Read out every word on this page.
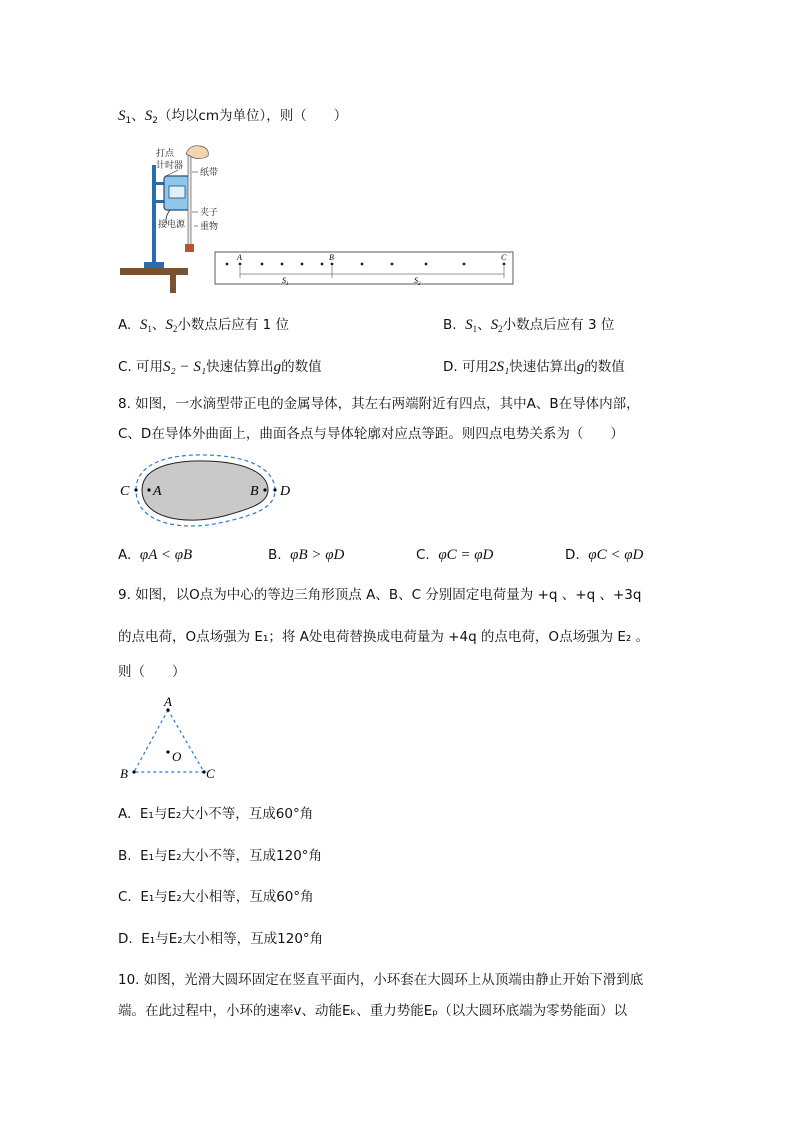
$S_1$、$S_2$（均以cm为单位），则（　　）
打点
计时器
纸带
夹子
接电源 重物
A	B	C
$S_1$	$S_2$
A. $S_1$、$S_2$小数点后应有 1 位	B. $S_1$、$S_2$小数点后应有 3 位
C. 可用S₂ − S₁快速估算出g的数值	D. 可用2S₁快速估算出g的数值
8. 如图，一水滴型带正电的金属导体，其左右两端附近有四点，其中A、B在导体内部，
C、D在导体外曲面上，曲面各点与导体轮廓对应点等距。则四点电势关系为（　　）
C A	B D
A. φA < φB	B. φB > φD	C. φC = φD	D. φC < φD
9. 如图，以O点为中心的等边三角形顶点 A、B、C 分别固定电荷量为 +q 、+q 、+3q
的点电荷，O点场强为 E₁；将 A处电荷替换成电荷量为 +4q 的点电荷，O点场强为 E₂ 。
则（　　）
A
B	C
O
A. E₁与E₂大小不等，互成60°角
B. E₁与E₂大小不等，互成120°角
C. E₁与E₂大小相等，互成60°角
D. E₁与E₂大小相等，互成120°角
10. 如图，光滑大圆环固定在竖直平面内，小环套在大圆环上从顶端由静止开始下滑到底
端。在此过程中，小环的速率v、动能Eₖ、重力势能Eₚ（以大圆环底端为零势能面）以
